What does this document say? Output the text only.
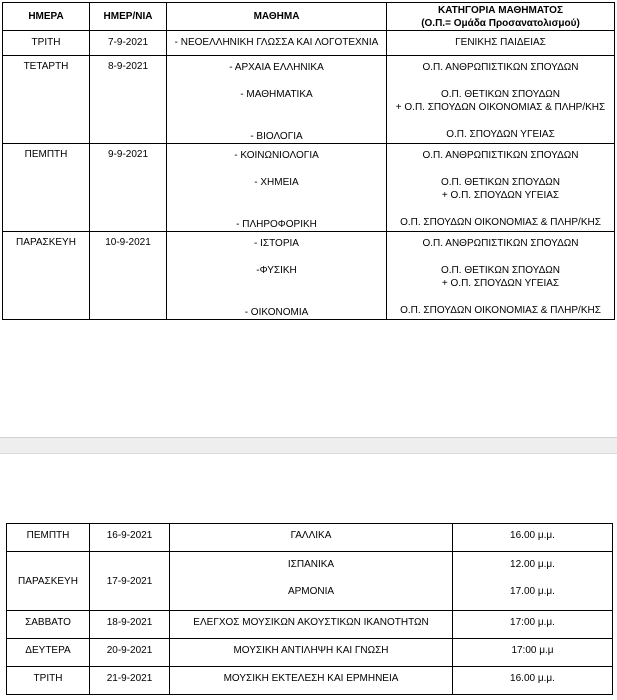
ΗΜΕΡΑ	ΗΜΕΡ/ΝΙΑ	ΜΑΘΗΜΑ	ΚΑΤΗΓΟΡΙΑ ΜΑΘΗΜΑΤΟΣ
(Ο.Π.= Ομάδα Προσανατολισμού)

ΤΡΙΤΗ	7-9-2021	- ΝΕΟΕΛΛΗΝΙΚΗ ΓΛΩΣΣΑ ΚΑΙ ΛΟΓΟΤΕΧΝΙΑ	ΓΕΝΙΚΗΣ ΠΑΙΔΕΙΑΣ
ΤΕΤΑΡΤΗ	8-9-2021	- ΑΡΧΑΙΑ ΕΛΛΗΝΙΚΑ
- ΜΑΘΗΜΑΤΙΚΑ
- ΒΙΟΛΟΓΙΑ	Ο.Π. ΑΝΘΡΩΠΙΣΤΙΚΩΝ ΣΠΟΥΔΩΝ
Ο.Π. ΘΕΤΙΚΩΝ ΣΠΟΥΔΩΝ
+ Ο.Π. ΣΠΟΥΔΩΝ ΟΙΚΟΝΟΜΙΑΣ & ΠΛΗΡ/ΚΗΣ
Ο.Π. ΣΠΟΥΔΩΝ ΥΓΕΙΑΣ

ΠΕΜΠΤΗ	9-9-2021	- ΚΟΙΝΩΝΙΟΛΟΓΙΑ
- ΧΗΜΕΙΑ
- ΠΛΗΡΟΦΟΡΙΚΗ	Ο.Π. ΑΝΘΡΩΠΙΣΤΙΚΩΝ ΣΠΟΥΔΩΝ
Ο.Π. ΘΕΤΙΚΩΝ ΣΠΟΥΔΩΝ
+ Ο.Π. ΣΠΟΥΔΩΝ ΥΓΕΙΑΣ
Ο.Π. ΣΠΟΥΔΩΝ ΟΙΚΟΝΟΜΙΑΣ & ΠΛΗΡ/ΚΗΣ

ΠΑΡΑΣΚΕΥΗ	10-9-2021	- ΙΣΤΟΡΙΑ
-ΦΥΣΙΚΗ
- ΟΙΚΟΝΟΜΙΑ	Ο.Π. ΑΝΘΡΩΠΙΣΤΙΚΩΝ ΣΠΟΥΔΩΝ
Ο.Π. ΘΕΤΙΚΩΝ ΣΠΟΥΔΩΝ
+ Ο.Π. ΣΠΟΥΔΩΝ ΥΓΕΙΑΣ
Ο.Π. ΣΠΟΥΔΩΝ ΟΙΚΟΝΟΜΙΑΣ & ΠΛΗΡ/ΚΗΣ
ΠΕΜΠΤΗ	16-9-2021	ΓΑΛΛΙΚΑ	16.00 μ.μ.
ΠΑΡΑΣΚΕΥΗ	17-9-2021	ΙΣΠΑΝΙΚΑ
ΑΡΜΟΝΙΑ	12.00 μ.μ.
17.00 μ.μ.

ΣΑΒΒΑΤΟ	18-9-2021	ΕΛΕΓΧΟΣ ΜΟΥΣΙΚΩΝ ΑΚΟΥΣΤΙΚΩΝ ΙΚΑΝΟΤΗΤΩΝ	17:00 μ.μ.
ΔΕΥΤΕΡΑ	20-9-2021	ΜΟΥΣΙΚΗ ΑΝΤΙΛΗΨΗ ΚΑΙ ΓΝΩΣΗ	17:00 μ.μ
ΤΡΙΤΗ	21-9-2021	ΜΟΥΣΙΚΗ ΕΚΤΕΛΕΣΗ ΚΑΙ ΕΡΜΗΝΕΙΑ	16.00 μ.μ.
